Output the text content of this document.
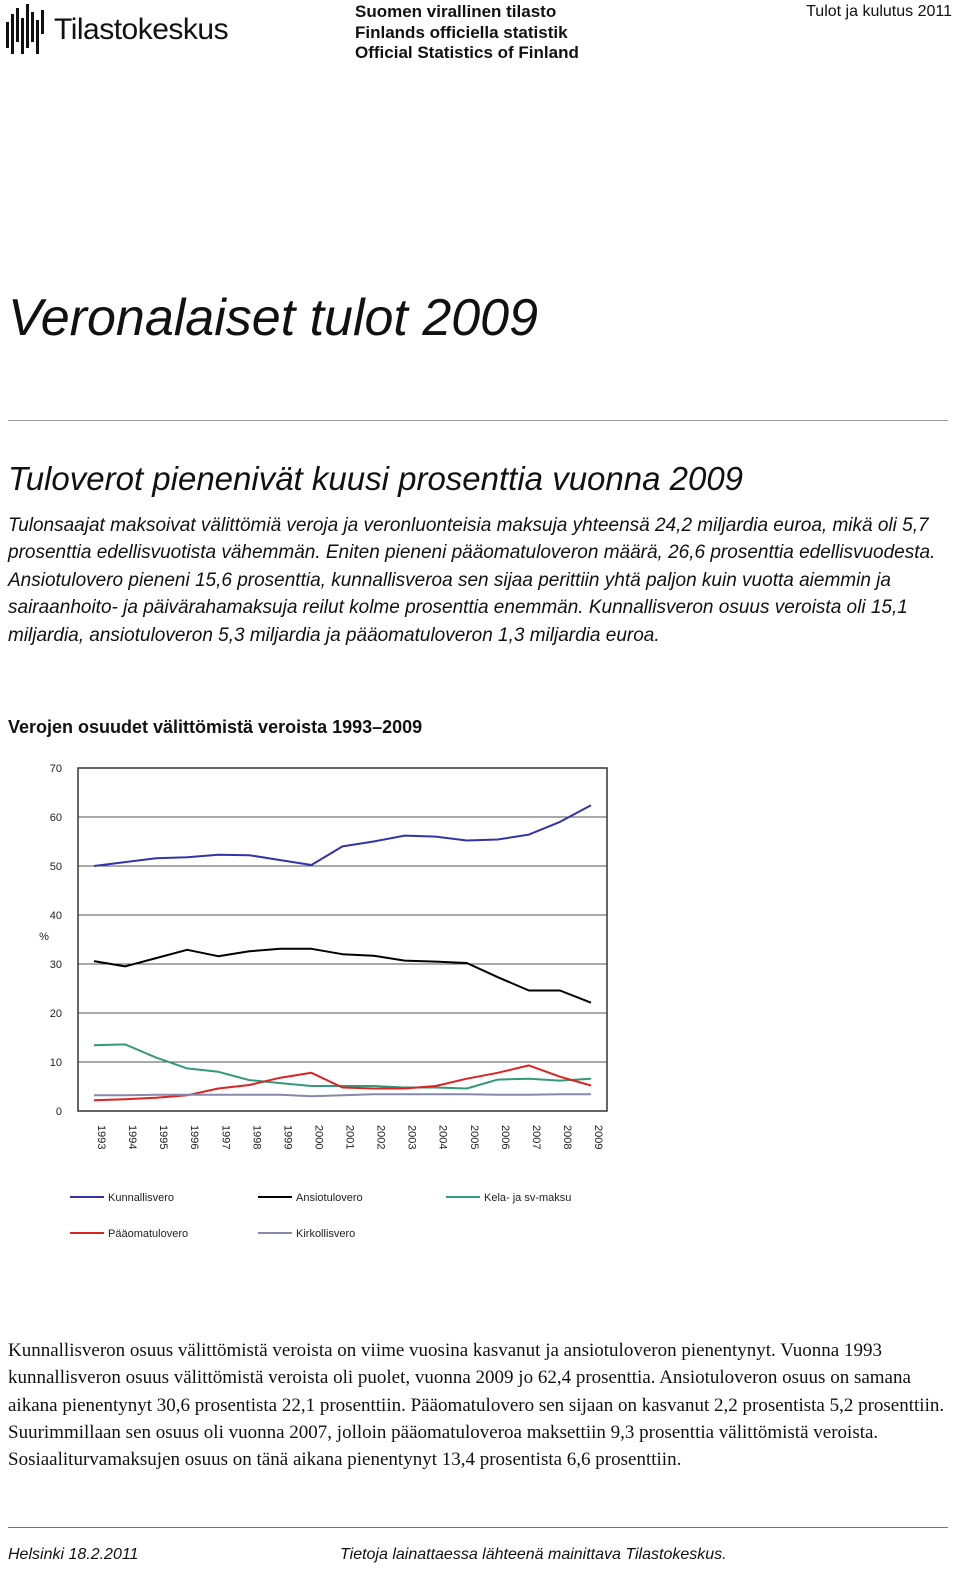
Tilastokeskus
Suomen virallinen tilasto
Finlands officiella statistik
Official Statistics of Finland
Tulot ja kulutus 2011
Veronalaiset tulot 2009
Tuloverot pienenivät kuusi prosenttia vuonna 2009

Tulonsaajat maksoivat välittömiä veroja ja veronluonteisia maksuja yhteensä 24,2 miljardia euroa, mikä oli 5,7 prosenttia edellisvuotista vähemmän. Eniten pieneni pääomatuloveron määrä, 26,6 prosenttia edellisvuodesta. Ansiotulovero pieneni 15,6 prosenttia, kunnallisveroa sen sijaa perittiin yhtä paljon kuin vuotta aiemmin ja sairaanhoito- ja päivärahamaksuja reilut kolme prosenttia enemmän. Kunnallisveron osuus veroista oli 15,1 miljardia, ansiotuloveron 5,3 miljardia ja pääomatuloveron 1,3 miljardia euroa.

Verojen osuudet välittömistä veroista 1993–2009
0
10
20
30
40
50
60
70
%
1993 1994 1995 1996 1997 1998 1999 2000 2001 2002 2003 2004 2005 2006 2007 2008 2009
Kunnallisvero	Ansiotulovero	Kela- ja sv-maksu
Pääomatulovero	Kirkollisvero

Kunnallisveron osuus välittömistä veroista on viime vuosina kasvanut ja ansiotuloveron pienentynyt. Vuonna 1993 kunnallisveron osuus välittömistä veroista oli puolet, vuonna 2009 jo 62,4 prosenttia. Ansiotuloveron osuus on samana aikana pienentynyt 30,6 prosentista 22,1 prosenttiin. Pääomatulovero sen sijaan on kasvanut 2,2 prosentista 5,2 prosenttiin. Suurimmillaan sen osuus oli vuonna 2007, jolloin pääomatuloveroa maksettiin 9,3 prosenttia välittömistä veroista. Sosiaaliturvamaksujen osuus on tänä aikana pienentynyt 13,4 prosentista 6,6 prosenttiin.

Helsinki 18.2.2011	Tietoja lainattaessa lähteenä mainittava Tilastokeskus.
